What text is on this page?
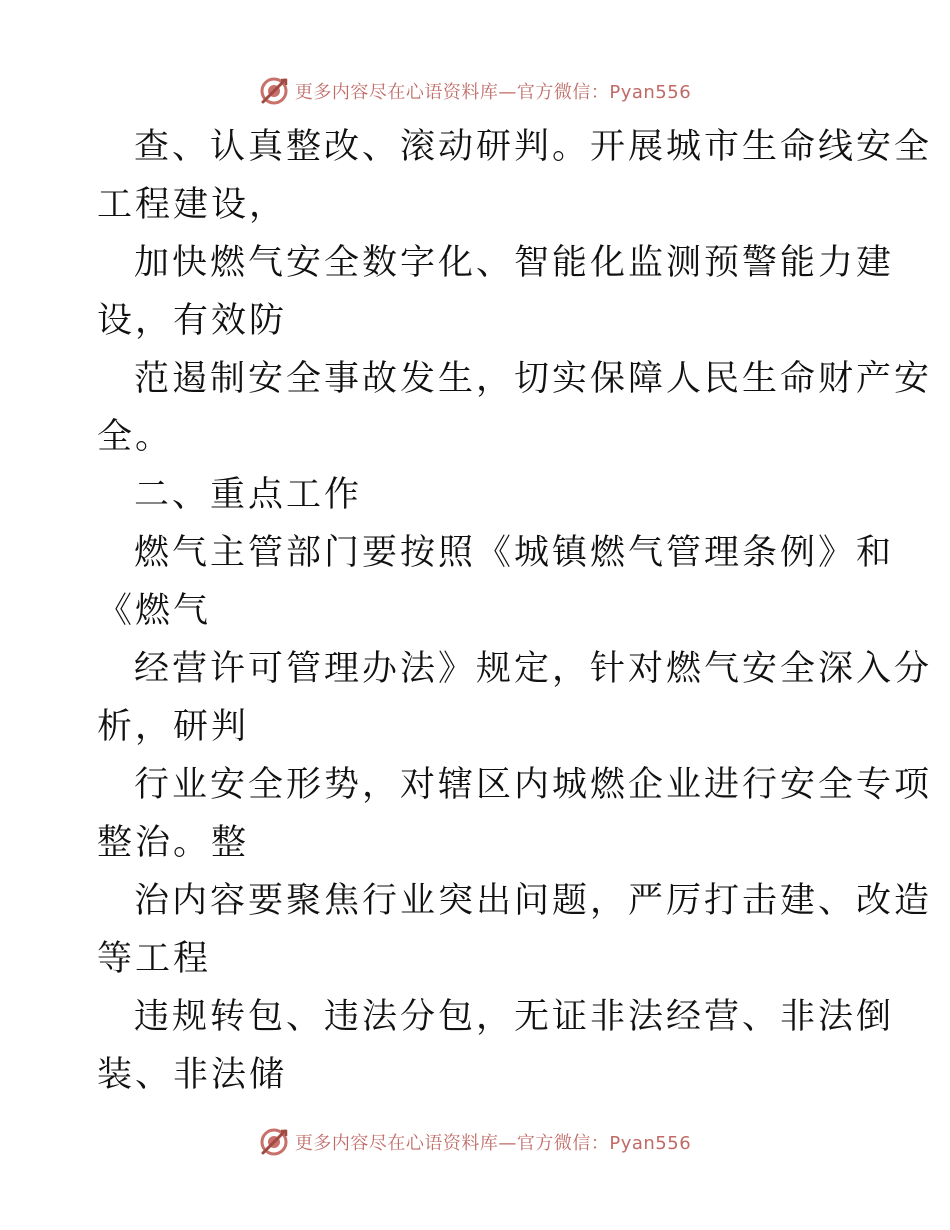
更多内容尽在心语资料库—官方微信：Pyan556
查、认真整改、滚动研判。开展城市生命线安全
工程建设，
加快燃气安全数字化、智能化监测预警能力建
设，有效防
范遏制安全事故发生，切实保障人民生命财产安
全。
二、重点工作
燃气主管部门要按照《城镇燃气管理条例》和
《燃气
经营许可管理办法》规定，针对燃气安全深入分
析，研判
行业安全形势，对辖区内城燃企业进行安全专项
整治。整
治内容要聚焦行业突出问题，严厉打击建、改造
等工程
违规转包、违法分包，无证非法经营、非法倒
装、非法储
更多内容尽在心语资料库—官方微信：Pyan556
